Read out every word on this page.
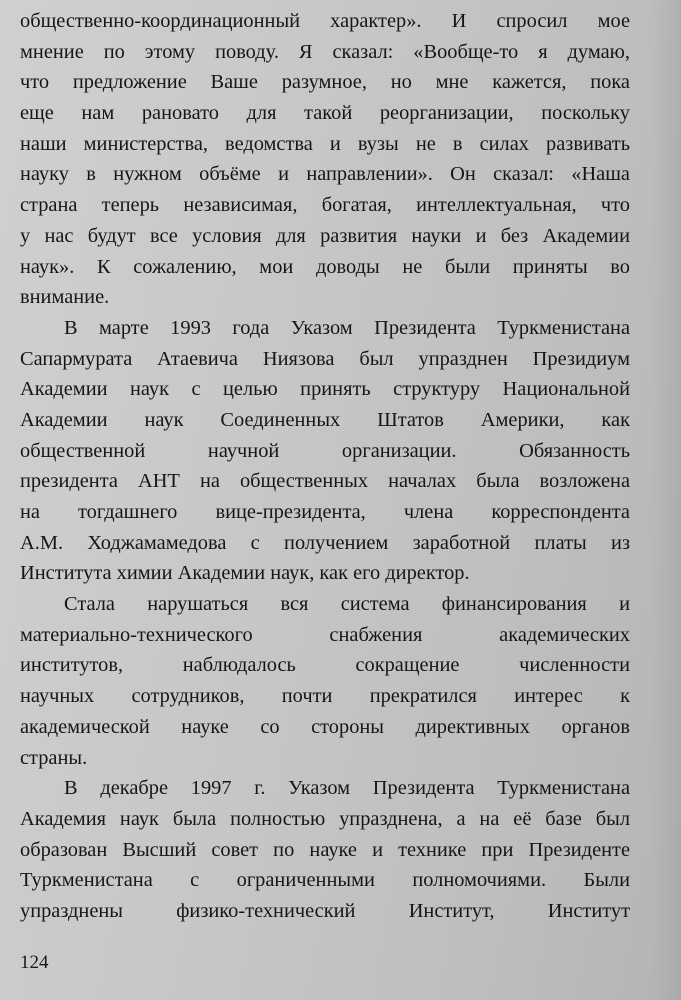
общественно-координационный характер». И спросил мое
мнение по этому поводу. Я сказал: «Вообще-то я думаю,
что предложение Ваше разумное, но мне кажется, пока
еще нам рановато для такой реорганизации, поскольку
наши министерства, ведомства и вузы не в силах развивать
науку в нужном объёме и направлении». Он сказал: «Наша
страна теперь независимая, богатая, интеллектуальная, что
у нас будут все условия для развития науки и без Академии
наук». К сожалению, мои доводы не были приняты во
внимание.

В марте 1993 года Указом Президента Туркменистана
Сапармурата Атаевича Ниязова был упразднен Президиум
Академии наук с целью принять структуру Национальной
Академии наук Соединенных Штатов Америки, как
общественной научной организации. Обязанность
президента АНТ на общественных началах была возложена
на тогдашнего вице-президента, члена корреспондента
А.М. Ходжамамедова с получением заработной платы из
Института химии Академии наук, как его директор.

Стала нарушаться вся система финансирования и
материально-технического снабжения академических
институтов, наблюдалось сокращение численности
научных сотрудников, почти прекратился интерес к
академической науке со стороны директивных органов
страны.

В декабре 1997 г. Указом Президента Туркменистана
Академия наук была полностью упразднена, а на её базе был
образован Высший совет по науке и технике при Президенте
Туркменистана с ограниченными полномочиями. Были
упразднены физико-технический Институт, Институт

124
